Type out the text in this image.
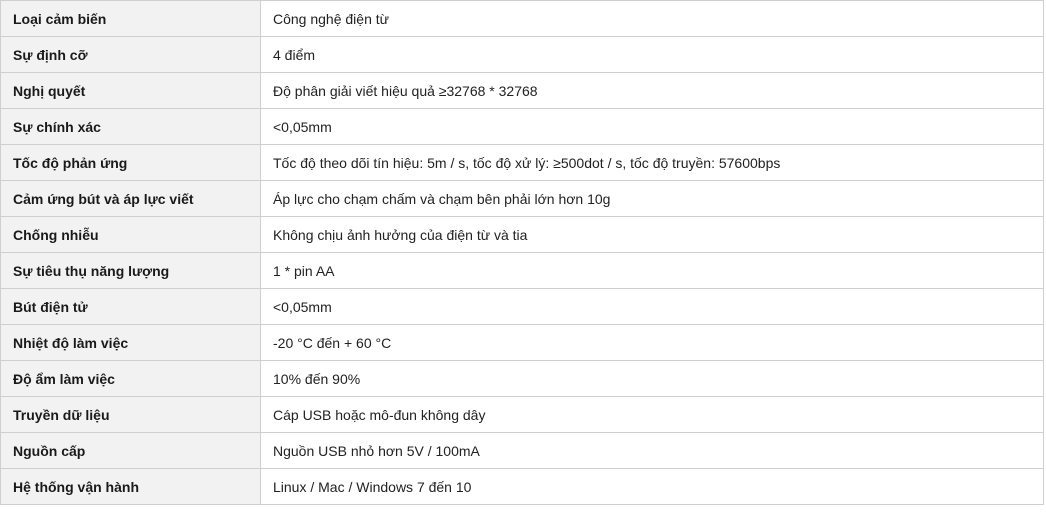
Loại cảm biến	Công nghệ điện từ
Sự định cỡ	4 điểm
Nghị quyết	Độ phân giải viết hiệu quả ≥32768 * 32768
Sự chính xác	<0,05mm
Tốc độ phản ứng	Tốc độ theo dõi tín hiệu: 5m / s, tốc độ xử lý: ≥500dot / s, tốc độ truyền: 57600bps
Cảm ứng bút và áp lực viết	Áp lực cho chạm chấm và chạm bên phải lớn hơn 10g
Chống nhiễu	Không chịu ảnh hưởng của điện từ và tia
Sự tiêu thụ năng lượng	1 * pin AA
Bút điện tử	<0,05mm
Nhiệt độ làm việc	-20 °C đến + 60 °C
Độ ẩm làm việc	10% đến 90%
Truyền dữ liệu	Cáp USB hoặc mô-đun không dây
Nguồn cấp	Nguồn USB nhỏ hơn 5V / 100mA
Hệ thống vận hành	Linux / Mac / Windows 7 đến 10
